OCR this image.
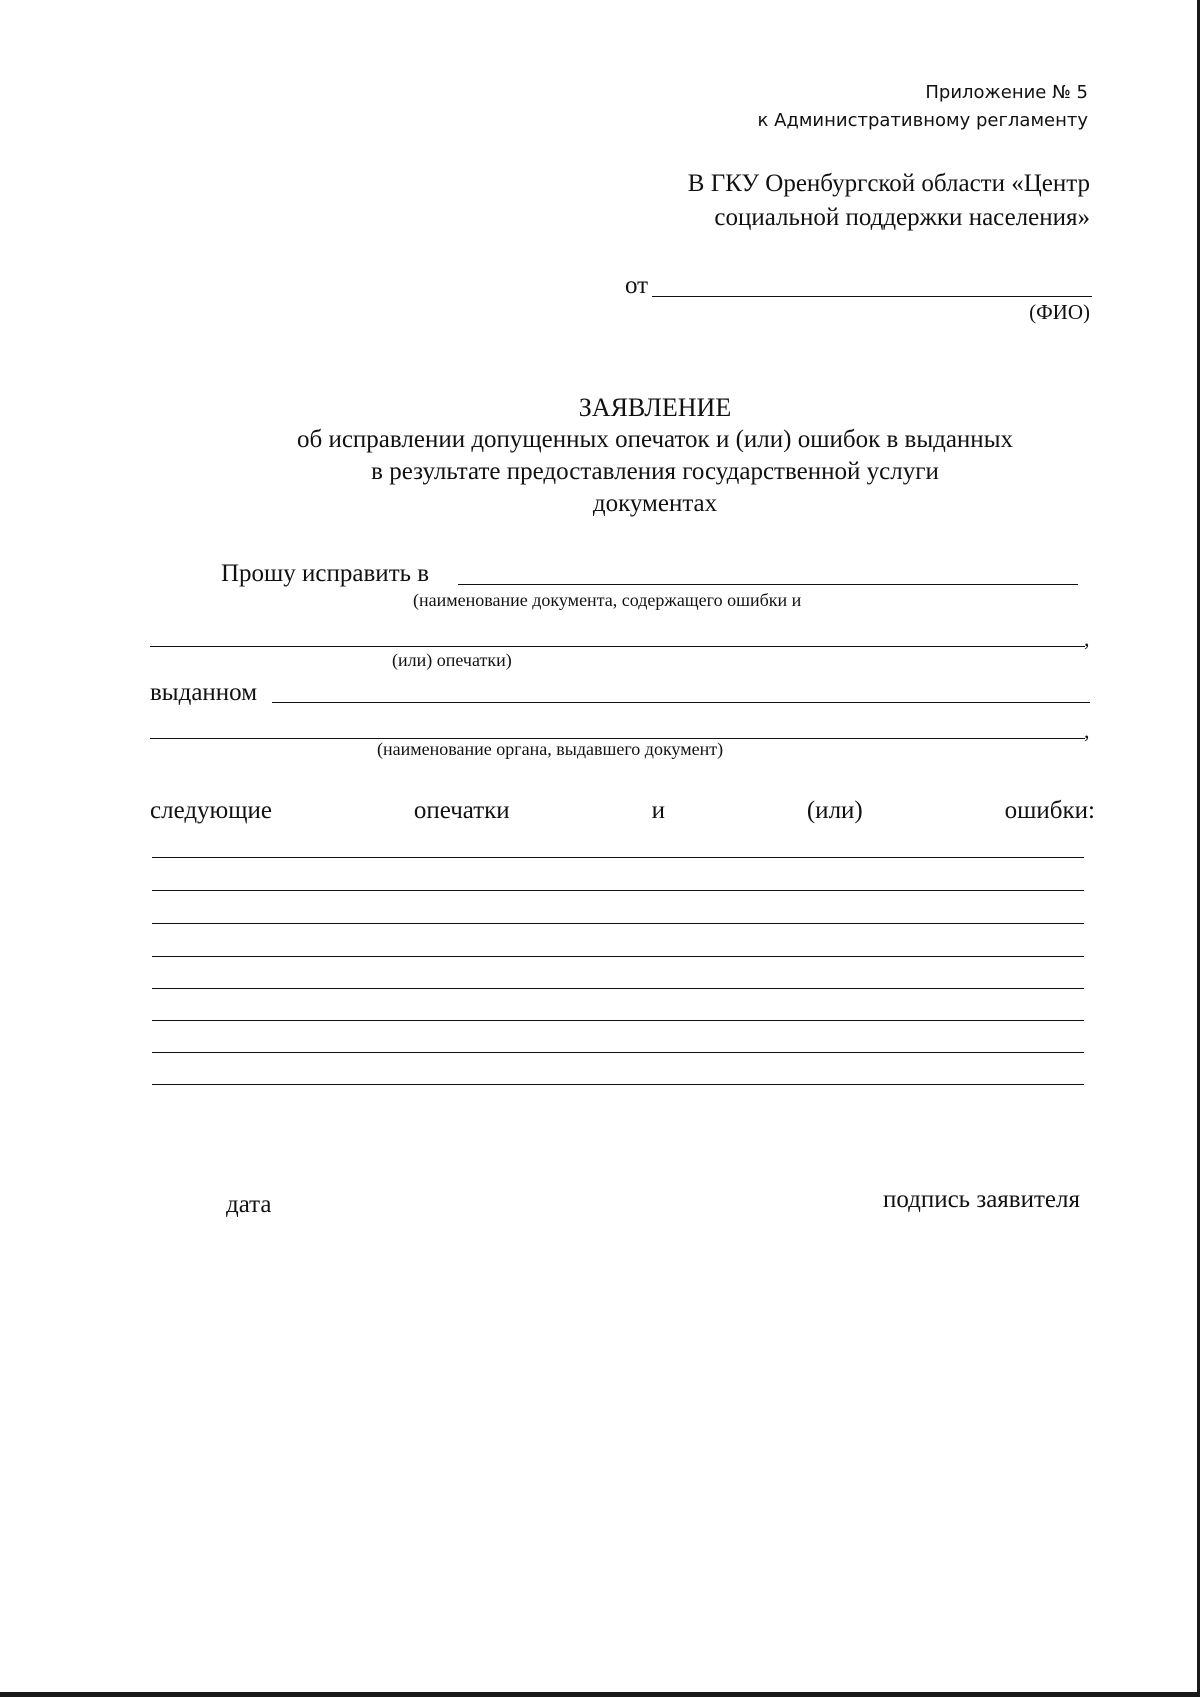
Приложение № 5
к Административному регламенту
В ГКУ Оренбургской области «Центр
социальной поддержки населения»
от
(ФИО)
ЗАЯВЛЕНИЕ
об исправлении допущенных опечаток и (или) ошибок в выданных
в результате предоставления государственной услуги
документах
Прошу исправить в
(наименование документа, содержащего ошибки и
,
(или) опечатки)
выданном
,
(наименование органа, выдавшего документ)
следующие	опечатки	и	(или)	ошибки:
дата	подпись заявителя
